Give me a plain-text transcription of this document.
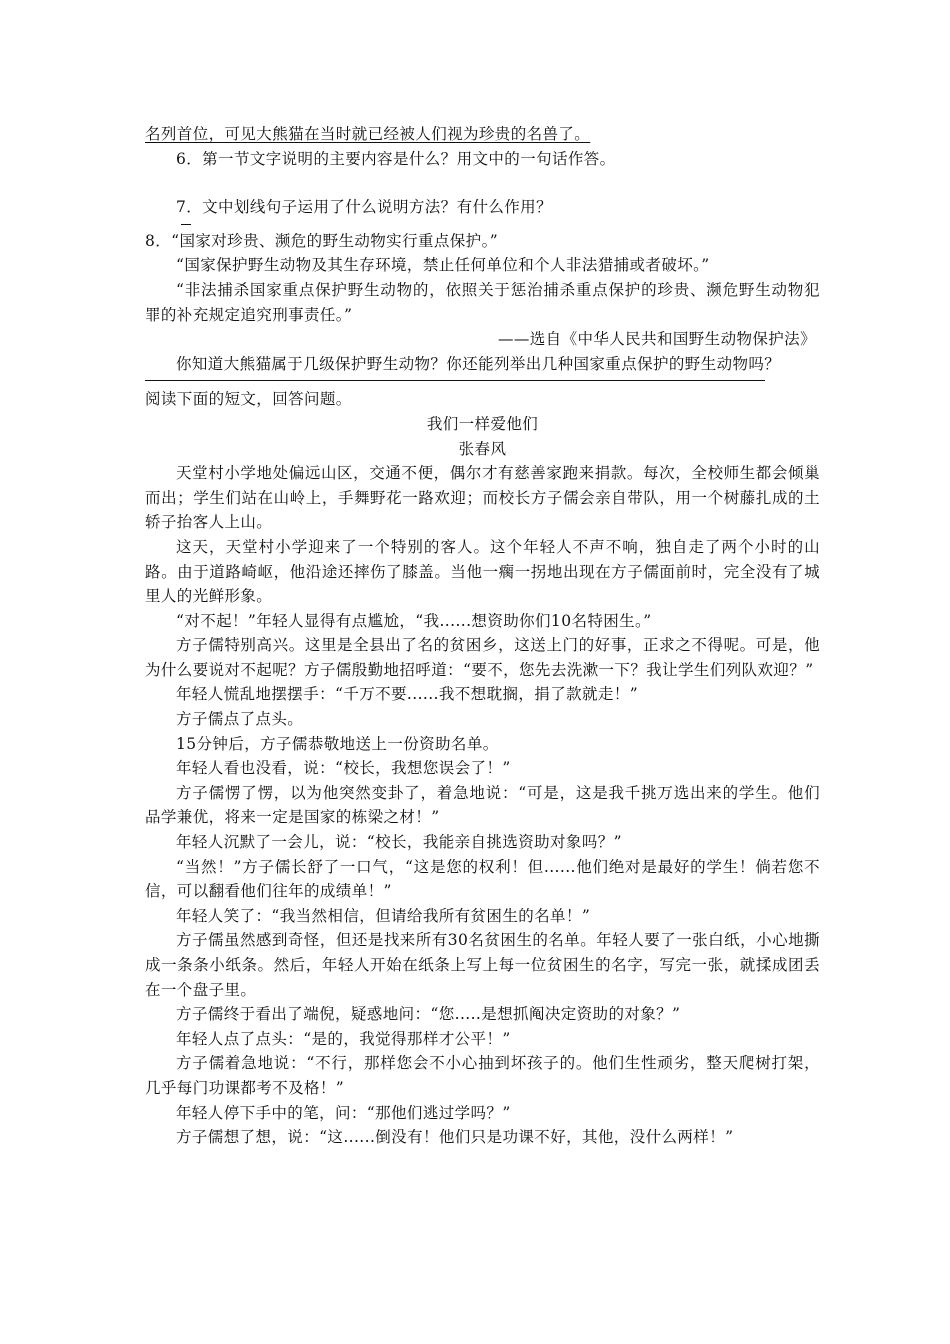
名列首位，可见大熊猫在当时就已经被人们视为珍贵的名兽了。

6．第一节文字说明的主要内容是什么？用文中的一句话作答。

7．文中划线句子运用了什么说明方法？有什么作用？

8．“国家对珍贵、濒危的野生动物实行重点保护。”

“国家保护野生动物及其生存环境，禁止任何单位和个人非法猎捕或者破坏。”

“非法捕杀国家重点保护野生动物的，依照关于惩治捕杀重点保护的珍贵、濒危野生动物犯罪的补充规定追究刑事责任。”

——选自《中华人民共和国野生动物保护法》

你知道大熊猫属于几级保护野生动物？你还能列举出几种国家重点保护的野生动物吗？

阅读下面的短文，回答问题。

我们一样爱他们

张春风

天堂村小学地处偏远山区，交通不便，偶尔才有慈善家跑来捐款。每次，全校师生都会倾巢而出；学生们站在山岭上，手舞野花一路欢迎；而校长方子儒会亲自带队，用一个树藤扎成的土轿子抬客人上山。

这天，天堂村小学迎来了一个特别的客人。这个年轻人不声不响，独自走了两个小时的山路。由于道路崎岖，他沿途还摔伤了膝盖。当他一瘸一拐地出现在方子儒面前时，完全没有了城里人的光鲜形象。

“对不起！”年轻人显得有点尴尬，“我......想资助你们10名特困生。”

方子儒特别高兴。这里是全县出了名的贫困乡，这送上门的好事，正求之不得呢。可是，他为什么要说对不起呢？方子儒殷勤地招呼道：“要不，您先去洗漱一下？我让学生们列队欢迎？”

年轻人慌乱地摆摆手：“千万不要......我不想耽搁，捐了款就走！”

方子儒点了点头。

15分钟后，方子儒恭敬地送上一份资助名单。

年轻人看也没看，说：“校长，我想您误会了！”

方子儒愣了愣，以为他突然变卦了，着急地说：“可是，这是我千挑万选出来的学生。他们品学兼优，将来一定是国家的栋梁之材！”

年轻人沉默了一会儿，说：“校长，我能亲自挑选资助对象吗？”

“当然！”方子儒长舒了一口气，“这是您的权利！但......他们绝对是最好的学生！倘若您不信，可以翻看他们往年的成绩单！”

年轻人笑了：“我当然相信，但请给我所有贫困生的名单！”

方子儒虽然感到奇怪，但还是找来所有30名贫困生的名单。年轻人要了一张白纸，小心地撕成一条条小纸条。然后，年轻人开始在纸条上写上每一位贫困生的名字，写完一张，就揉成团丢在一个盘子里。

方子儒终于看出了端倪，疑惑地问：“您.....是想抓阄决定资助的对象？”

年轻人点了点头：“是的，我觉得那样才公平！”

方子儒着急地说：“不行，那样您会不小心抽到坏孩子的。他们生性顽劣，整天爬树打架，几乎每门功课都考不及格！”

年轻人停下手中的笔，问：“那他们逃过学吗？”

方子儒想了想，说：“这......倒没有！他们只是功课不好，其他，没什么两样！”
